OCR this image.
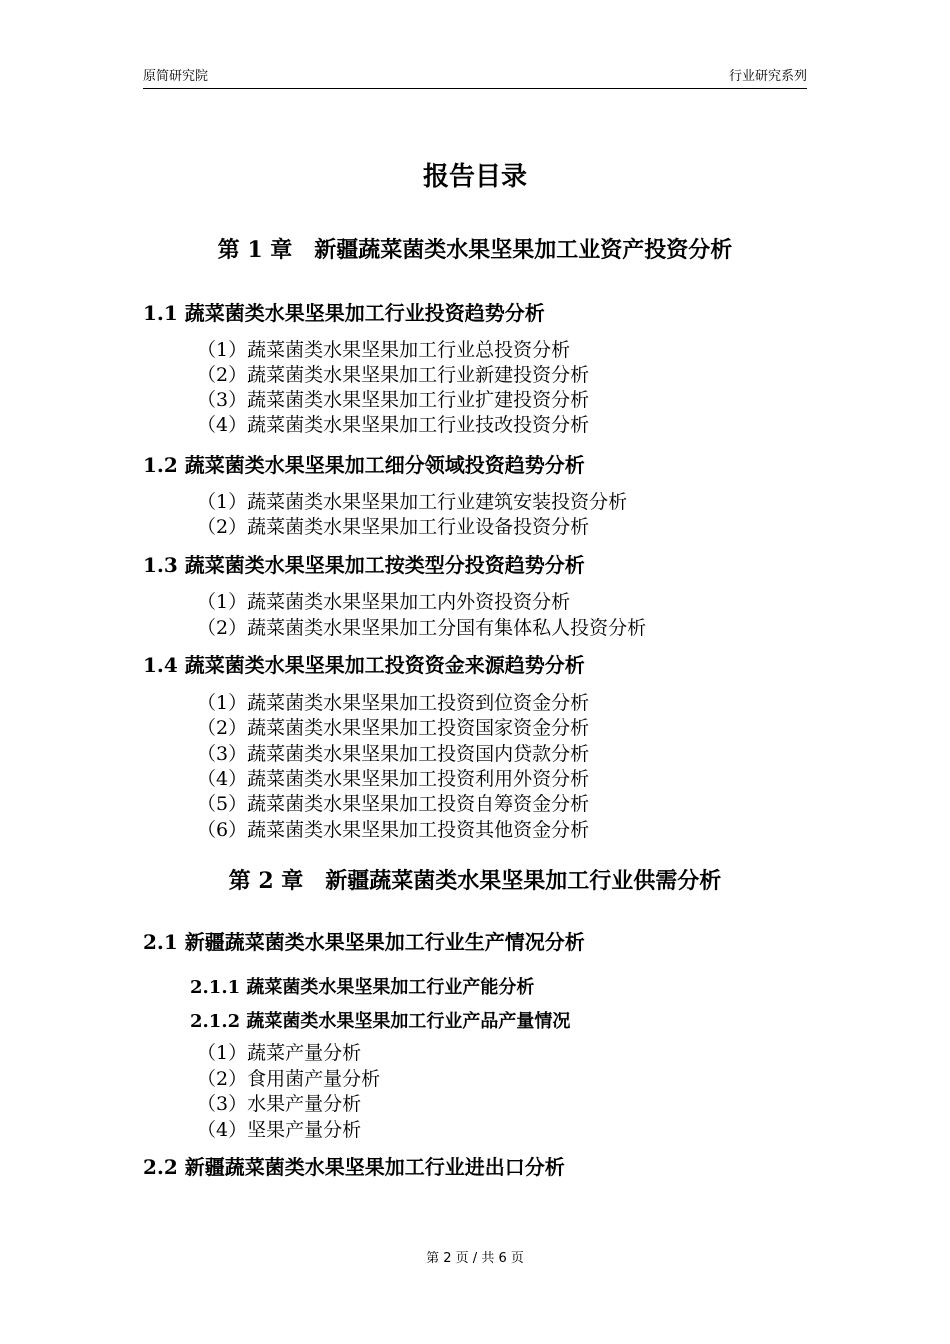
原简研究院	行业研究系列
报告目录
第 1 章　新疆蔬菜菌类水果坚果加工业资产投资分析
1.1 蔬菜菌类水果坚果加工行业投资趋势分析
（1）蔬菜菌类水果坚果加工行业总投资分析
（2）蔬菜菌类水果坚果加工行业新建投资分析
（3）蔬菜菌类水果坚果加工行业扩建投资分析
（4）蔬菜菌类水果坚果加工行业技改投资分析
1.2 蔬菜菌类水果坚果加工细分领域投资趋势分析
（1）蔬菜菌类水果坚果加工行业建筑安装投资分析
（2）蔬菜菌类水果坚果加工行业设备投资分析
1.3 蔬菜菌类水果坚果加工按类型分投资趋势分析
（1）蔬菜菌类水果坚果加工内外资投资分析
（2）蔬菜菌类水果坚果加工分国有集体私人投资分析
1.4 蔬菜菌类水果坚果加工投资资金来源趋势分析
（1）蔬菜菌类水果坚果加工投资到位资金分析
（2）蔬菜菌类水果坚果加工投资国家资金分析
（3）蔬菜菌类水果坚果加工投资国内贷款分析
（4）蔬菜菌类水果坚果加工投资利用外资分析
（5）蔬菜菌类水果坚果加工投资自筹资金分析
（6）蔬菜菌类水果坚果加工投资其他资金分析
第 2 章　新疆蔬菜菌类水果坚果加工行业供需分析
2.1 新疆蔬菜菌类水果坚果加工行业生产情况分析
2.1.1 蔬菜菌类水果坚果加工行业产能分析
2.1.2 蔬菜菌类水果坚果加工行业产品产量情况
（1）蔬菜产量分析
（2）食用菌产量分析
（3）水果产量分析
（4）坚果产量分析
2.2 新疆蔬菜菌类水果坚果加工行业进出口分析
第 2 页 / 共 6 页
